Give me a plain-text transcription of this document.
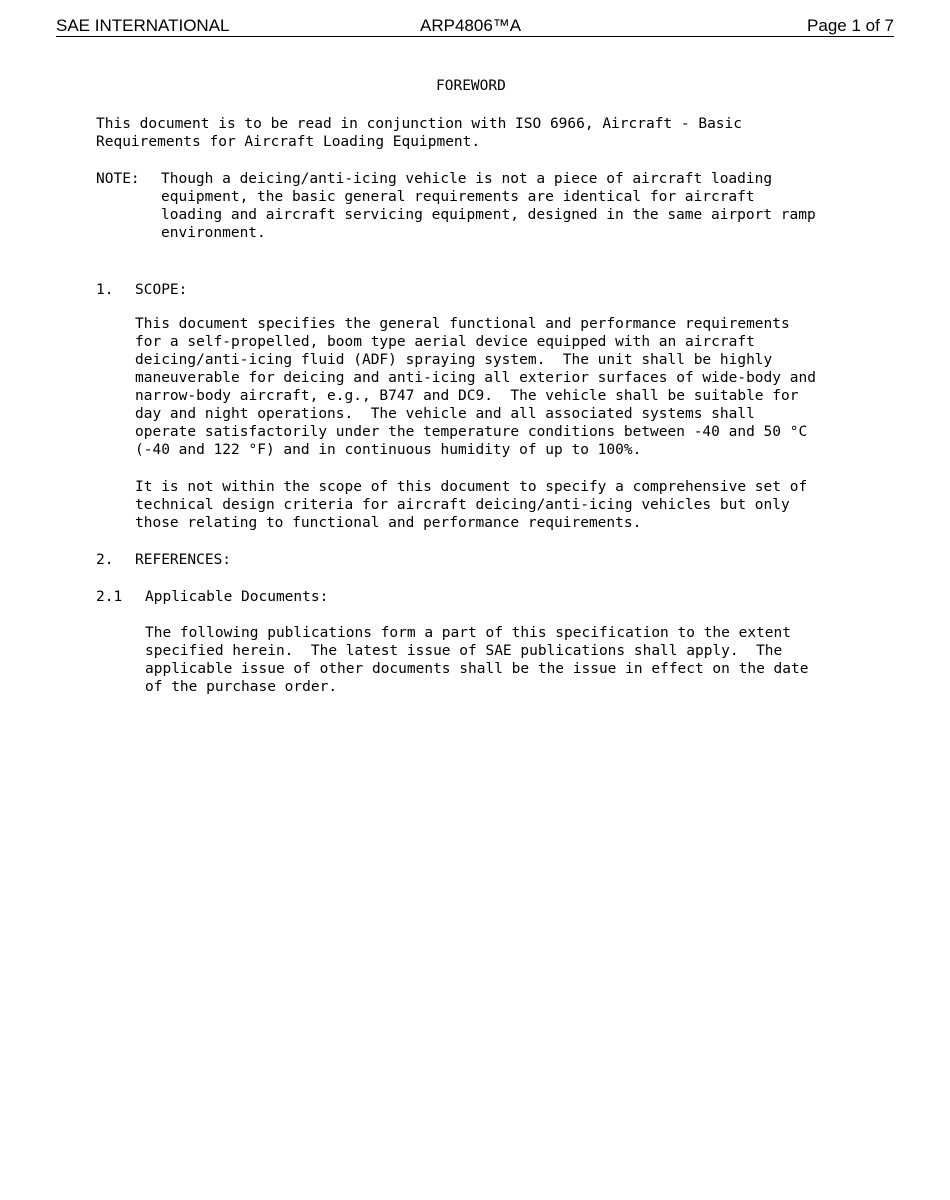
SAE INTERNATIONAL	ARP4806™A	Page 1 of 7
FOREWORD
This document is to be read in conjunction with ISO 6966, Aircraft - Basic
Requirements for Aircraft Loading Equipment.
NOTE: Though a deicing/anti-icing vehicle is not a piece of aircraft loading
equipment, the basic general requirements are identical for aircraft
loading and aircraft servicing equipment, designed in the same airport ramp
environment.
1. SCOPE:
This document specifies the general functional and performance requirements
for a self-propelled, boom type aerial device equipped with an aircraft
deicing/anti-icing fluid (ADF) spraying system.  The unit shall be highly
maneuverable for deicing and anti-icing all exterior surfaces of wide-body and
narrow-body aircraft, e.g., B747 and DC9.  The vehicle shall be suitable for
day and night operations.  The vehicle and all associated systems shall
operate satisfactorily under the temperature conditions between -40 and 50 °C
(-40 and 122 °F) and in continuous humidity of up to 100%.
It is not within the scope of this document to specify a comprehensive set of
technical design criteria for aircraft deicing/anti-icing vehicles but only
those relating to functional and performance requirements.
2. REFERENCES:
2.1 Applicable Documents:
The following publications form a part of this specification to the extent
specified herein.  The latest issue of SAE publications shall apply.  The
applicable issue of other documents shall be the issue in effect on the date
of the purchase order.
